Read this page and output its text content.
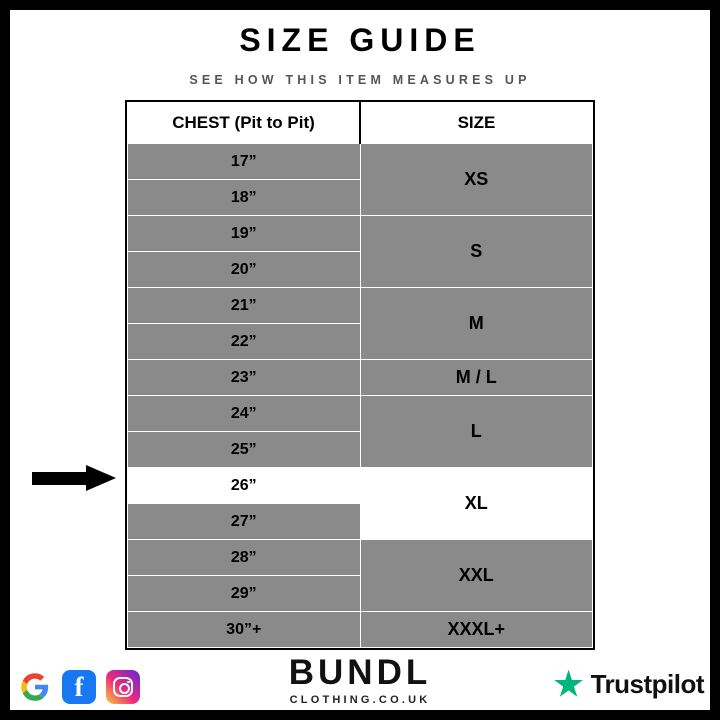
SIZE GUIDE
SEE HOW THIS ITEM MEASURES UP
CHEST (Pit to Pit)	SIZE
17”	XS
18”	
19”	S
20”	
21”	M
22”	
23”	M / L
24”	L
25”	
26”	XL
27”	
28”	XXL
29”	
30”+	XXXL+
f	BUNDL
CLOTHING.CO.UK
Trustpilot
